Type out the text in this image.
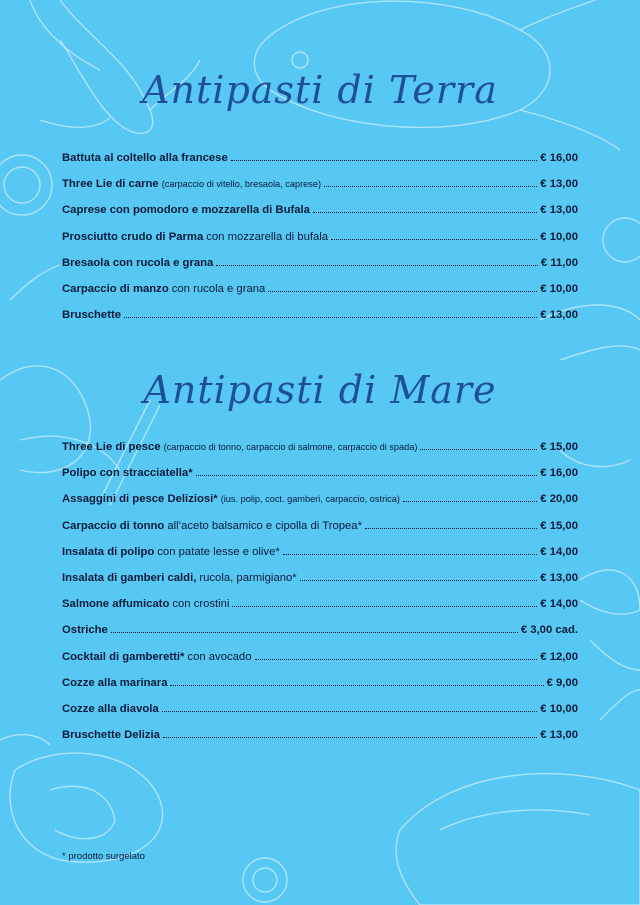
Antipasti di Terra
Battuta al coltello alla francese	€ 16,00
Three Lie di carne (carpaccio di vitello, bresaola, caprese)	€ 13,00
Caprese con pomodoro e mozzarella di Bufala	€ 13,00
Prosciutto crudo di Parma con mozzarella di bufala	€ 10,00
Bresaola con rucola e grana	€ 11,00
Carpaccio di manzo con rucola e grana	€ 10,00
Bruschette	€ 13,00
Antipasti di Mare
Three Lie di pesce (carpaccio di tonno, carpaccio di salmone, carpaccio di spada)	€ 15,00
Polipo con stracciatella*	€ 16,00
Assaggini di pesce Deliziosi* (ius. polip, coct. gamberi, carpaccio, ostrica)	€ 20,00
Carpaccio di tonno all’aceto balsamico e cipolla di Tropea*	€ 15,00
Insalata di polipo con patate lesse e olive*	€ 14,00
Insalata di gamberi caldi, rucola, parmigiano*	€ 13,00
Salmone affumicato con crostini	€ 14,00
Ostriche	€ 3,00 cad.
Cocktail di gamberetti* con avocado	€ 12,00
Cozze alla marinara	€ 9,00
Cozze alla diavola	€ 10,00
Bruschette Delizia	€ 13,00
* prodotto surgelato
